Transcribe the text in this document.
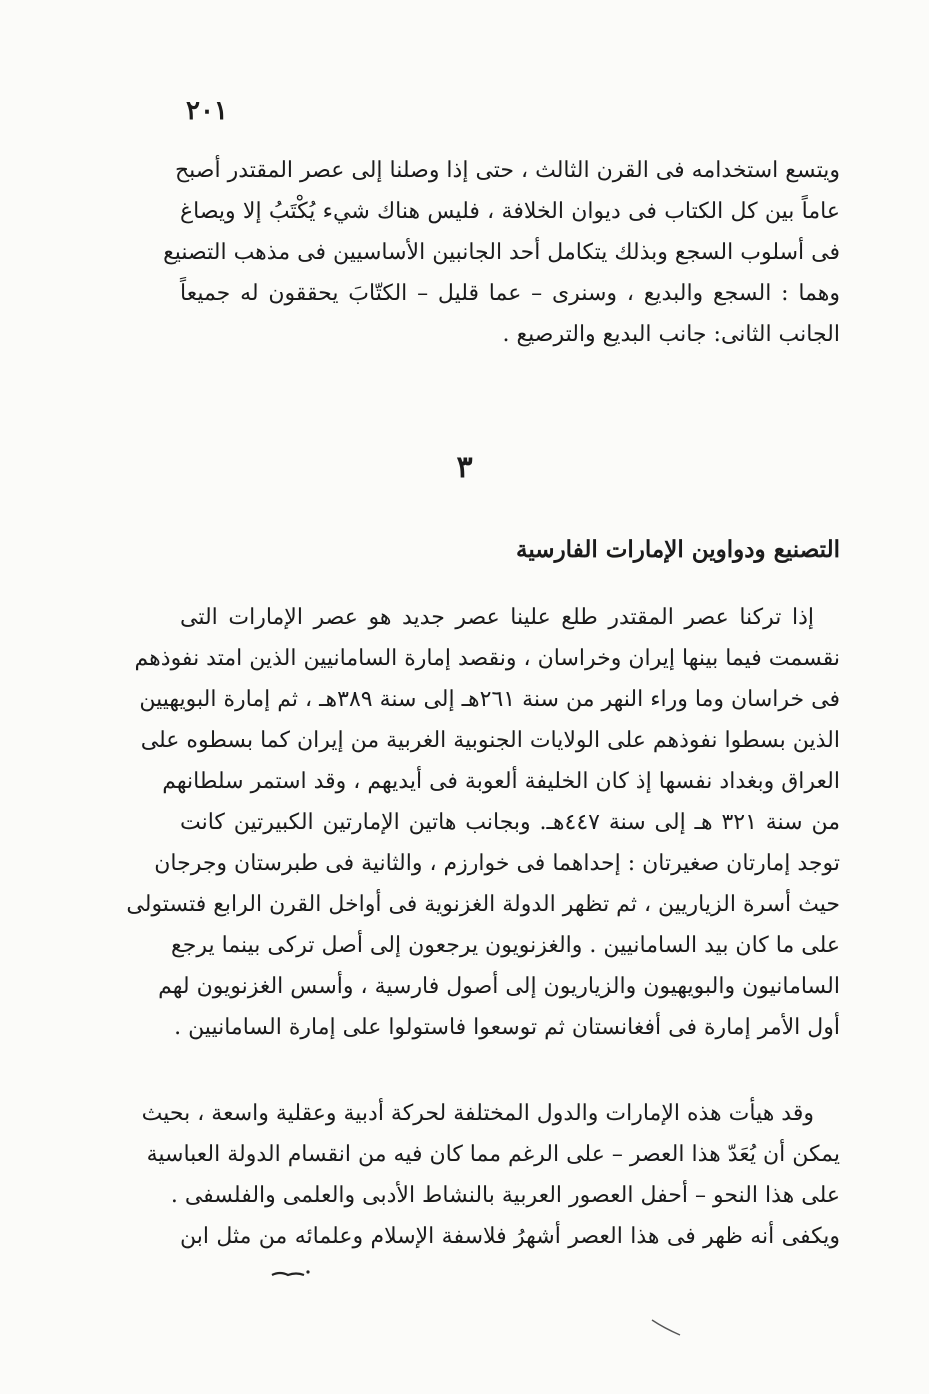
٢٠١
ويتسع استخدامه فى القرن الثالث ، حتى إذا وصلنا إلى عصر المقتدر أصبح
عاماً بين كل الكتاب فى ديوان الخلافة ، فليس هناك شيء يُكْتَبُ إلا ويصاغ
فى أسلوب السجع وبذلك يتكامل أحد الجانبين الأساسيين فى مذهب التصنيع
وهما : السجع والبديع ، وسنرى – عما قليل – الكتّابَ يحققون له جميعاً
الجانب الثانى: جانب البديع والترصيع .
٣
التصنيع ودواوين الإمارات الفارسية
إذا تركنا عصر المقتدر طلع علينا عصر جديد هو عصر الإمارات التى
نقسمت فيما بينها إيران وخراسان ، ونقصد إمارة السامانيين الذين امتد نفوذهم
فى خراسان وما وراء النهر من سنة ٢٦١هـ إلى سنة ٣٨٩هـ ، ثم إمارة البويهيين
الذين بسطوا نفوذهم على الولايات الجنوبية الغربية من إيران كما بسطوه على
العراق وبغداد نفسها إذ كان الخليفة ألعوبة فى أيديهم ، وقد استمر سلطانهم
من سنة ٣٢١ هـ إلى سنة ٤٤٧هـ. وبجانب هاتين الإمارتين الكبيرتين كانت
توجد إمارتان صغيرتان : إحداهما فى خوارزم ، والثانية فى طبرستان وجرجان
حيث أسرة الزياريين ، ثم تظهر الدولة الغزنوية فى أواخل القرن الرابع فتستولى
على ما كان بيد السامانيين . والغزنويون يرجعون إلى أصل تركى بينما يرجع
السامانيون والبويهيون والزياريون إلى أصول فارسية ، وأسس الغزنويون لهم
أول الأمر إمارة فى أفغانستان ثم توسعوا فاستولوا على إمارة السامانيين .
وقد هيأت هذه الإمارات والدول المختلفة لحركة أدبية وعقلية واسعة ، بحيث
يمكن أن يُعَدّ هذا العصر – على الرغم مما كان فيه من انقسام الدولة العباسية
على هذا النحو – أحفل العصور العربية بالنشاط الأدبى والعلمى والفلسفى .
ويكفى أنه ظهر فى هذا العصر أشهرُ فلاسفة الإسلام وعلمائه من مثل ابن
